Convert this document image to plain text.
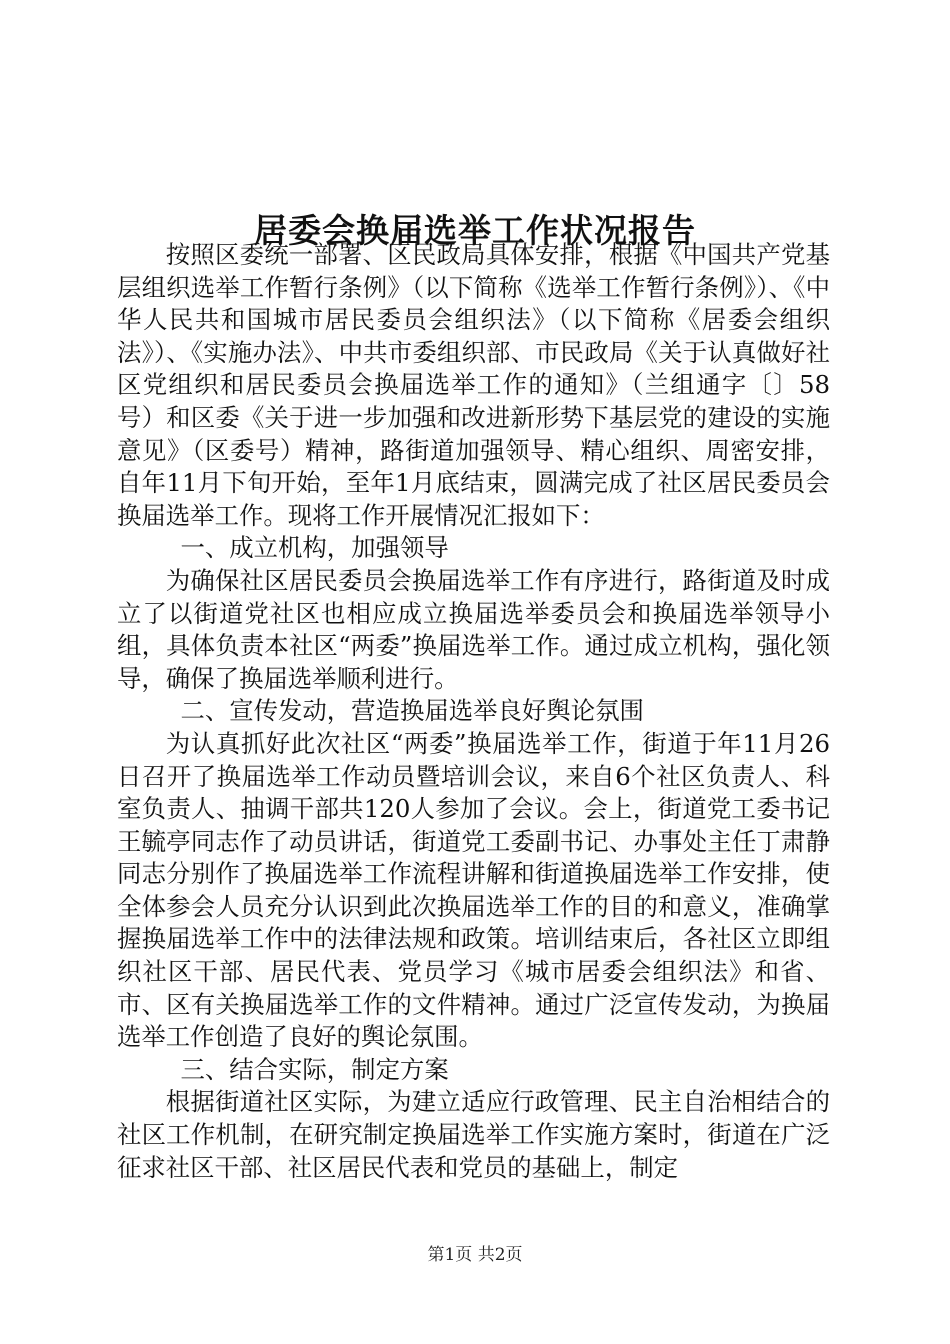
居委会换届选举工作状况报告

按照区委统一部署、区民政局具体安排，根据《中国共产党基层组织选举工作暂行条例》（以下简称《选举工作暂行条例》）、《中华人民共和国城市居民委员会组织法》（以下简称《居委会组织法》）、《实施办法》、中共市委组织部、市民政局《关于认真做好社区党组织和居民委员会换届选举工作的通知》（兰组通字〔〕58号）和区委《关于进一步加强和改进新形势下基层党的建设的实施意见》（区委号）精神，路街道加强领导、精心组织、周密安排，自年11月下旬开始，至年1月底结束，圆满完成了社区居民委员会换届选举工作。现将工作开展情况汇报如下：

一、成立机构，加强领导

为确保社区居民委员会换届选举工作有序进行，路街道及时成立了以街道党社区也相应成立换届选举委员会和换届选举领导小组，具体负责本社区“两委”换届选举工作。通过成立机构，强化领导，确保了换届选举顺利进行。

二、宣传发动，营造换届选举良好舆论氛围

为认真抓好此次社区“两委”换届选举工作，街道于年11月26日召开了换届选举工作动员暨培训会议，来自6个社区负责人、科室负责人、抽调干部共120人参加了会议。会上，街道党工委书记王毓亭同志作了动员讲话，街道党工委副书记、办事处主任丁肃静同志分别作了换届选举工作流程讲解和街道换届选举工作安排，使全体参会人员充分认识到此次换届选举工作的目的和意义，准确掌握换届选举工作中的法律法规和政策。培训结束后，各社区立即组织社区干部、居民代表、党员学习《城市居委会组织法》和省、市、区有关换届选举工作的文件精神。通过广泛宣传发动，为换届选举工作创造了良好的舆论氛围。

三、结合实际，制定方案

根据街道社区实际，为建立适应行政管理、民主自治相结合的社区工作机制，在研究制定换届选举工作实施方案时，街道在广泛征求社区干部、社区居民代表和党员的基础上，制定

第1页 共2页
